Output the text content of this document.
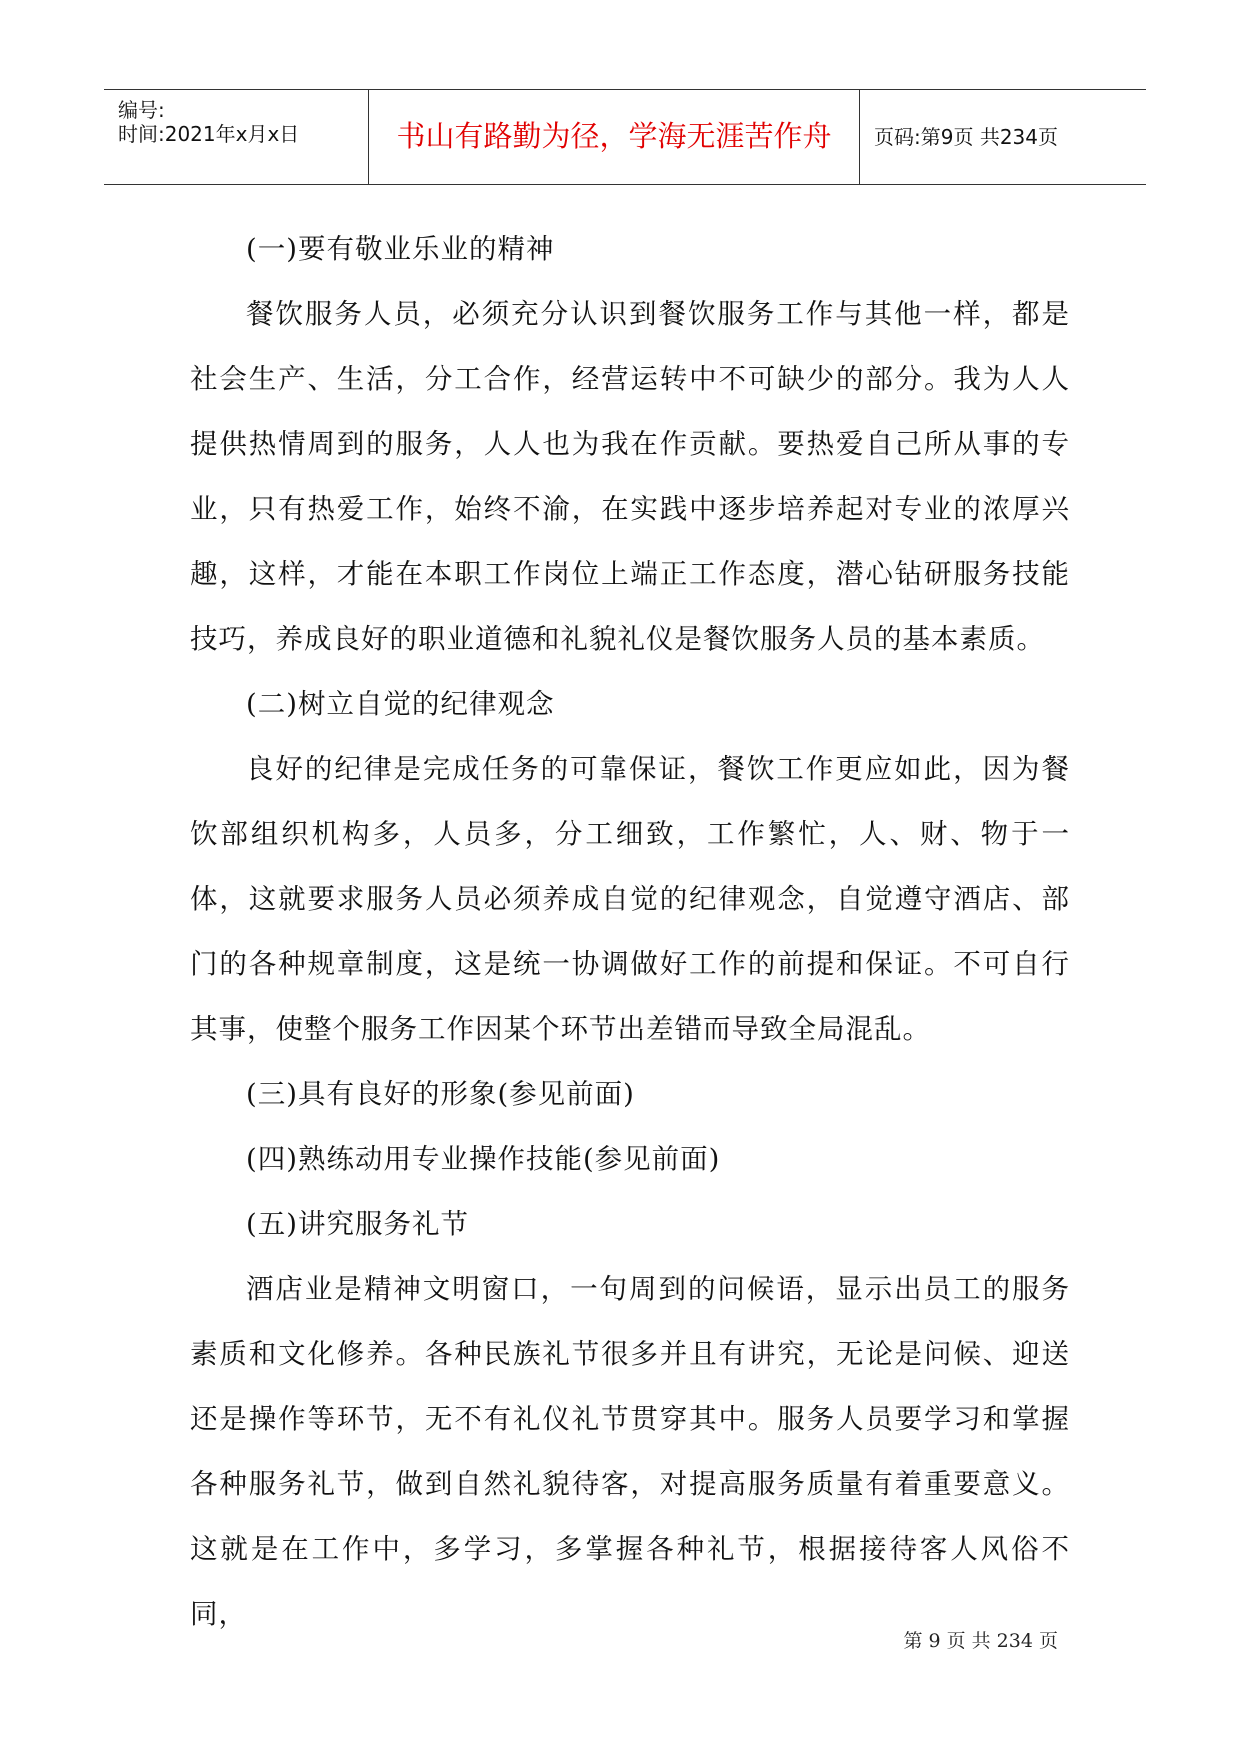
编号:
时间:2021年x月x日	书山有路勤为径，学海无涯苦作舟	页码:第9页 共234页

(一)要有敬业乐业的精神

餐饮服务人员，必须充分认识到餐饮服务工作与其他一样，都是社会生产、生活，分工合作，经营运转中不可缺少的部分。我为人人提供热情周到的服务，人人也为我在作贡献。要热爱自己所从事的专业，只有热爱工作，始终不渝，在实践中逐步培养起对专业的浓厚兴趣，这样，才能在本职工作岗位上端正工作态度，潜心钻研服务技能技巧，养成良好的职业道德和礼貌礼仪是餐饮服务人员的基本素质。

(二)树立自觉的纪律观念

良好的纪律是完成任务的可靠保证，餐饮工作更应如此，因为餐饮部组织机构多，人员多，分工细致，工作繁忙，人、财、物于一体，这就要求服务人员必须养成自觉的纪律观念，自觉遵守酒店、部门的各种规章制度，这是统一协调做好工作的前提和保证。不可自行其事，使整个服务工作因某个环节出差错而导致全局混乱。

(三)具有良好的形象(参见前面)

(四)熟练动用专业操作技能(参见前面)

(五)讲究服务礼节

酒店业是精神文明窗口，一句周到的问候语，显示出员工的服务素质和文化修养。各种民族礼节很多并且有讲究，无论是问候、迎送还是操作等环节，无不有礼仪礼节贯穿其中。服务人员要学习和掌握各种服务礼节，做到自然礼貌待客，对提高服务质量有着重要意义。这就是在工作中，多学习，多掌握各种礼节，根据接待客人风俗不同，

第 9 页 共 234 页
